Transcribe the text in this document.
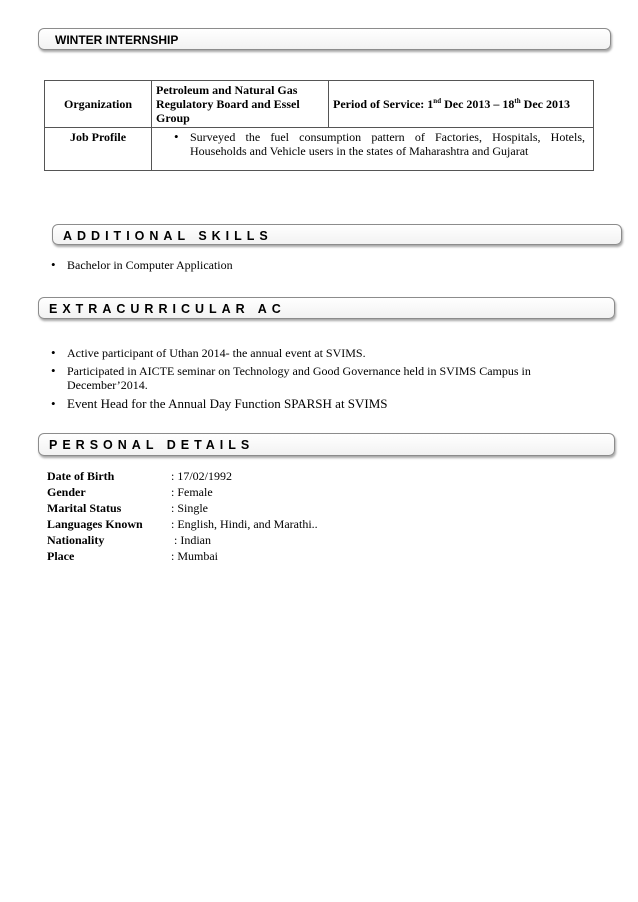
WINTER INTERNSHIP
Organization	Petroleum and Natural Gas Regulatory Board and Essel Group	Period of Service: 1nd Dec 2013 – 18th Dec 2013
Job Profile	• Surveyed the fuel consumption pattern of Factories, Hospitals, Hotels, Households and Vehicle users in the states of Maharashtra and Gujarat
ADDITIONAL SKILLS
• Bachelor in Computer Application
EXTRACURRICULAR AC
• Active participant of Uthan 2014- the annual event at SVIMS.
• Participated in AICTE seminar on Technology and Good Governance held in SVIMS Campus in December’2014.
• Event Head for the Annual Day Function SPARSH at SVIMS
PERSONAL DETAILS
Date of Birth	: 17/02/1992
Gender	: Female
Marital Status	: Single
Languages Known : English, Hindi, and Marathi..
Nationality	: Indian
Place	: Mumbai
